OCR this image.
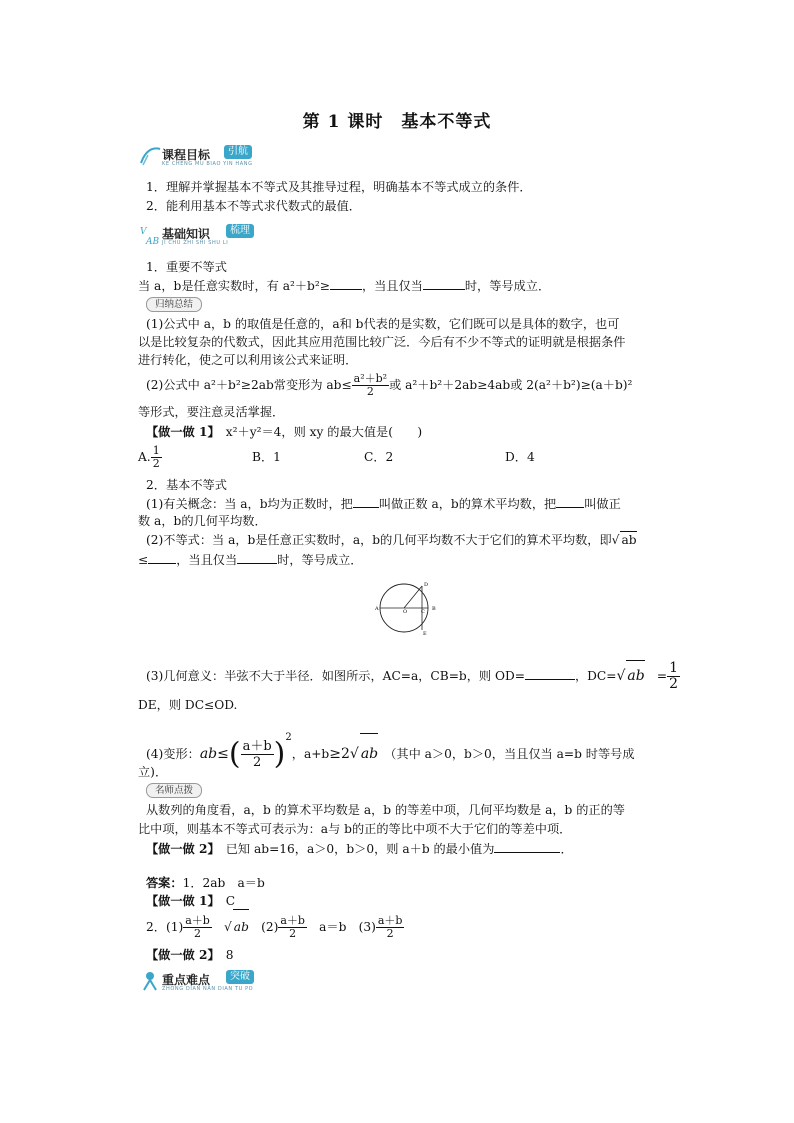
第 1 课时　基本不等式
课程目标	引航
KE CHENG MU BIAO YIN HANG
1．理解并掌握基本不等式及其推导过程，明确基本不等式成立的条件．
2．能利用基本不等式求代数式的最值．
V
AB
基础知识	梳理
JI CHU ZHI SHI SHU LI
1．重要不等式
当 a，b是任意实数时，有 a²＋b²≥	，当且仅当	时，等号成立．
归纳总结
(1)公式中 a，b 的取值是任意的，a和 b代表的是实数，它们既可以是具体的数字，也可
以是比较复杂的代数式，因此其应用范围比较广泛．今后有不少不等式的证明就是根据条件
进行转化，使之可以利用该公式来证明．
(2)公式中 a²＋b²≥2ab常变形为 $ab\le \frac{\text{a²＋b²}}{2}$ 或 a²＋b²＋2ab≥4ab或 2(a²＋b²)≥(a＋b)²
等形式，要注意灵活掌握．
【做一做 1】　 x²＋y²＝4，则 xy 的最大值是(　　)
A. $\frac{1}{2}$	B．1	C．2	D．4
2．基本不等式
(1)有关概念：当 a，b均为正数时，把 叫做正数 a，b的算术平均数，把 叫做正
数 a，b的几何平均数．
(2)不等式：当 a，b是任意正实数时，a，b的几何平均数不大于它们的算术平均数，即√ ab
≤ ，当且仅当	时，等号成立．
A	B
C
D
O
E
(3)几何意义：半弦不大于半径．如图所示，AC=a，CB=b，则 OD=	，DC=√ ab　 = $\frac{1}{2}$
DE，则 DC≤OD.
(4)变形：$ab\le( \frac{a+b}{2} )^2$，a+b≥2√ ab　 （其中 a＞0，b＞0，当且仅当 a=b 时等号成
立)．
名师点拨
从数列的角度看，a，b 的算术平均数是 a，b 的等差中项，几何平均数是 a，b 的正的等
比中项，则基本不等式可表示为：a与 b的正的等比中项不大于它们的等差中项．
【做一做 2】　 已知 ab=16，a＞0，b＞0，则 a＋b 的最小值为	．
答案：1．2ab　a＝b
【做一做 1】　 C
2．$(1) \frac{a+b}{2}$
　 √ ab　 $(2) \frac{a+b}{2}$
　 a＝b　 $(3) \frac{a+b}{2}$
【做一做 2】　 8
重点难点	突破
ZHONG DIAN NAN DIAN TU PO
